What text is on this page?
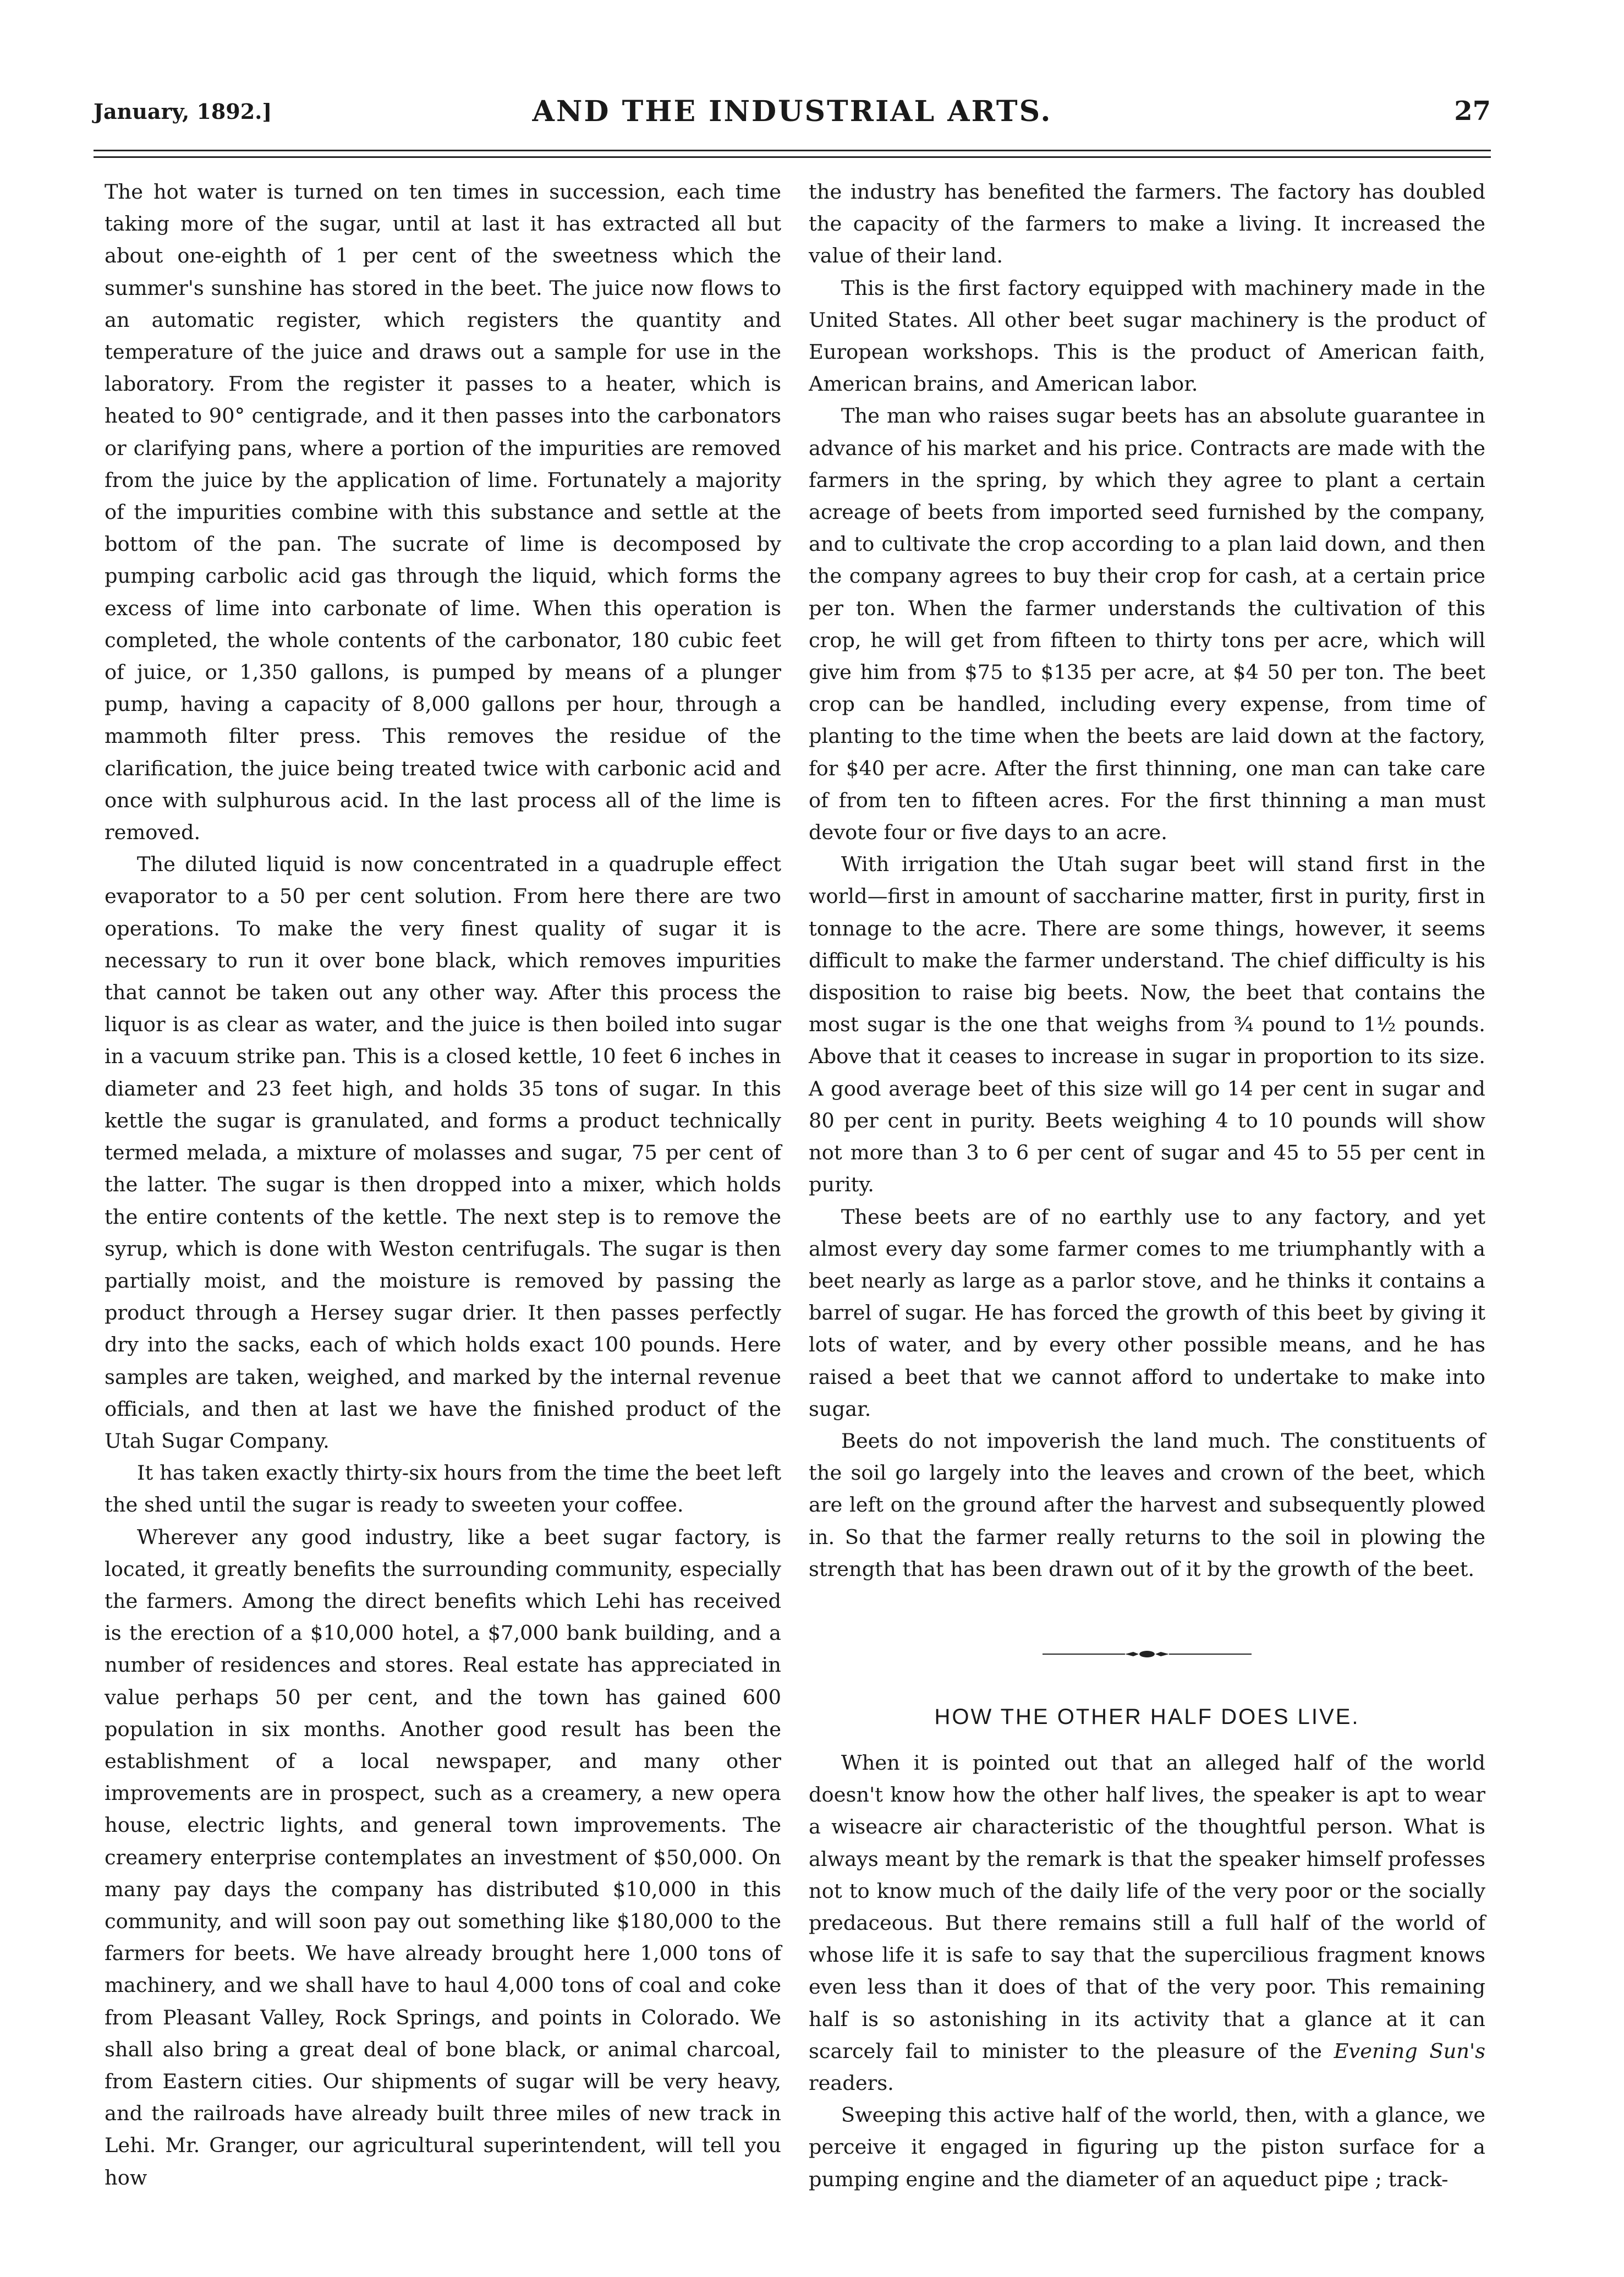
January, 1892.]	AND THE INDUSTRIAL ARTS.	27

The hot water is turned on ten times in succession, each time taking more of the sugar, until at last it has extracted all but about one-eighth of 1 per cent of the sweetness which the summer's sunshine has stored in the beet. The juice now flows to an automatic register, which registers the quantity and temperature of the juice and draws out a sample for use in the laboratory. From the register it passes to a heater, which is heated to 90° centigrade, and it then passes into the carbonators or clarifying pans, where a portion of the impurities are removed from the juice by the application of lime. Fortunately a majority of the impurities combine with this substance and settle at the bottom of the pan. The sucrate of lime is decomposed by pumping carbolic acid gas through the liquid, which forms the excess of lime into carbonate of lime. When this operation is completed, the whole contents of the carbonator, 180 cubic feet of juice, or 1,350 gallons, is pumped by means of a plunger pump, having a capacity of 8,000 gallons per hour, through a mammoth filter press. This removes the residue of the clarification, the juice being treated twice with carbonic acid and once with sulphurous acid. In the last process all of the lime is removed.

The diluted liquid is now concentrated in a quadruple effect evaporator to a 50 per cent solution. From here there are two operations. To make the very finest quality of sugar it is necessary to run it over bone black, which removes impurities that cannot be taken out any other way. After this process the liquor is as clear as water, and the juice is then boiled into sugar in a vacuum strike pan. This is a closed kettle, 10 feet 6 inches in diameter and 23 feet high, and holds 35 tons of sugar. In this kettle the sugar is granulated, and forms a product technically termed melada, a mixture of molasses and sugar, 75 per cent of the latter. The sugar is then dropped into a mixer, which holds the entire contents of the kettle. The next step is to remove the syrup, which is done with Weston centrifugals. The sugar is then partially moist, and the moisture is removed by passing the product through a Hersey sugar drier. It then passes perfectly dry into the sacks, each of which holds exact 100 pounds. Here samples are taken, weighed, and marked by the internal revenue officials, and then at last we have the finished product of the Utah Sugar Company.

It has taken exactly thirty-six hours from the time the beet left the shed until the sugar is ready to sweeten your coffee.

Wherever any good industry, like a beet sugar factory, is located, it greatly benefits the surrounding community, especially the farmers. Among the direct benefits which Lehi has received is the erection of a $10,000 hotel, a $7,000 bank building, and a number of residences and stores. Real estate has appreciated in value perhaps 50 per cent, and the town has gained 600 population in six months. Another good result has been the establishment of a local newspaper, and many other improvements are in prospect, such as a creamery, a new opera house, electric lights, and general town improvements. The creamery enterprise contemplates an investment of $50,000. On many pay days the company has distributed $10,000 in this community, and will soon pay out something like $180,000 to the farmers for beets. We have already brought here 1,000 tons of machinery, and we shall have to haul 4,000 tons of coal and coke from Pleasant Valley, Rock Springs, and points in Colorado. We shall also bring a great deal of bone black, or animal charcoal, from Eastern cities. Our shipments of sugar will be very heavy, and the railroads have already built three miles of new track in Lehi. Mr. Granger, our agricultural superintendent, will tell you how

the industry has benefited the farmers. The factory has doubled the capacity of the farmers to make a living. It increased the value of their land.

This is the first factory equipped with machinery made in the United States. All other beet sugar machinery is the product of European workshops. This is the product of American faith, American brains, and American labor.

The man who raises sugar beets has an absolute guarantee in advance of his market and his price. Contracts are made with the farmers in the spring, by which they agree to plant a certain acreage of beets from imported seed furnished by the company, and to cultivate the crop according to a plan laid down, and then the company agrees to buy their crop for cash, at a certain price per ton. When the farmer understands the cultivation of this crop, he will get from fifteen to thirty tons per acre, which will give him from $75 to $135 per acre, at $4 50 per ton. The beet crop can be handled, including every expense, from time of planting to the time when the beets are laid down at the factory, for $40 per acre. After the first thinning, one man can take care of from ten to fifteen acres. For the first thinning a man must devote four or five days to an acre.

With irrigation the Utah sugar beet will stand first in the world—first in amount of saccharine matter, first in purity, first in tonnage to the acre. There are some things, however, it seems difficult to make the farmer understand. The chief difficulty is his disposition to raise big beets. Now, the beet that contains the most sugar is the one that weighs from ¾ pound to 1½ pounds. Above that it ceases to increase in sugar in proportion to its size. A good average beet of this size will go 14 per cent in sugar and 80 per cent in purity. Beets weighing 4 to 10 pounds will show not more than 3 to 6 per cent of sugar and 45 to 55 per cent in purity.

These beets are of no earthly use to any factory, and yet almost every day some farmer comes to me triumphantly with a beet nearly as large as a parlor stove, and he thinks it contains a barrel of sugar. He has forced the growth of this beet by giving it lots of water, and by every other possible means, and he has raised a beet that we cannot afford to undertake to make into sugar.

Beets do not impoverish the land much. The constituents of the soil go largely into the leaves and crown of the beet, which are left on the ground after the harvest and subsequently plowed in. So that the farmer really returns to the soil in plowing the strength that has been drawn out of it by the growth of the beet.

HOW THE OTHER HALF DOES LIVE.

When it is pointed out that an alleged half of the world doesn't know how the other half lives, the speaker is apt to wear a wiseacre air characteristic of the thoughtful person. What is always meant by the remark is that the speaker himself professes not to know much of the daily life of the very poor or the socially predaceous. But there remains still a full half of the world of whose life it is safe to say that the supercilious fragment knows even less than it does of that of the very poor. This remaining half is so astonishing in its activity that a glance at it can scarcely fail to minister to the pleasure of the Evening Sun's readers.

Sweeping this active half of the world, then, with a glance, we perceive it engaged in figuring up the piston surface for a pumping engine and the diameter of an aqueduct pipe ; track-
